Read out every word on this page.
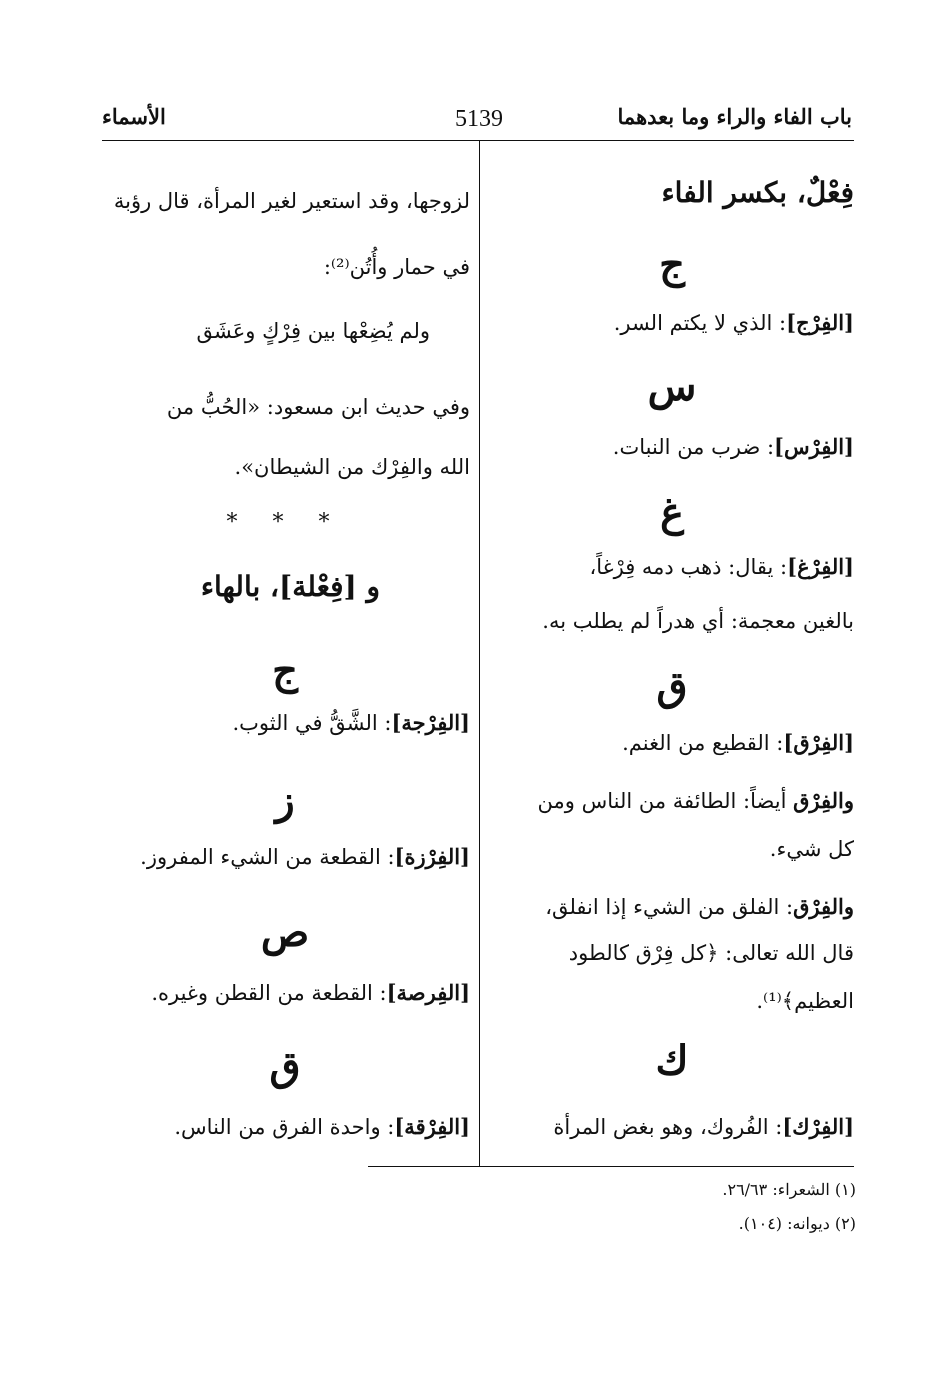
باب الفاء والراء وما بعدهما
5139
الأسماء
فِعْلٌ، بكسر الفاء
ج
[الفِرْج]: الذي لا يكتم السر.
س
[الفِرْس]: ضرب من النبات.
غ
[الفِرْغ]: يقال: ذهب دمه فِرْغاً،
بالغين معجمة: أي هدراً لم يطلب به.
ق
[الفِرْق]: القطيع من الغنم.
والفِرْق أيضاً: الطائفة من الناس ومن
كل شيء.
والفِرْق: الفلق من الشيء إذا انفلق،
قال الله تعالى: ﴿كل فِرْق كالطود
العظيم﴾⁽¹⁾.
ك
[الفِرْك]: الفُروك، وهو بغض المرأة
لزوجها، وقد استعير لغير المرأة، قال رؤبة
في حمار وأُتُن⁽²⁾:
ولم يُضِعْها بين فِرْكٍ وعَشَق
وفي حديث ابن مسعود: «الحُبُّ من
الله والفِرْك من الشيطان».
* * *
و [فِعْلة]، بالهاء
ج
[الفِرْجة]: الشَّقُّ في الثوب.
ز
[الفِرْزة]: القطعة من الشيء المفروز.
ص
[الفِرصة]: القطعة من القطن وغيره.
ق
[الفِرْقة]: واحدة الفرق من الناس.
(١) الشعراء: ٢٦/٦٣.
(٢) ديوانه: (١٠٤).
